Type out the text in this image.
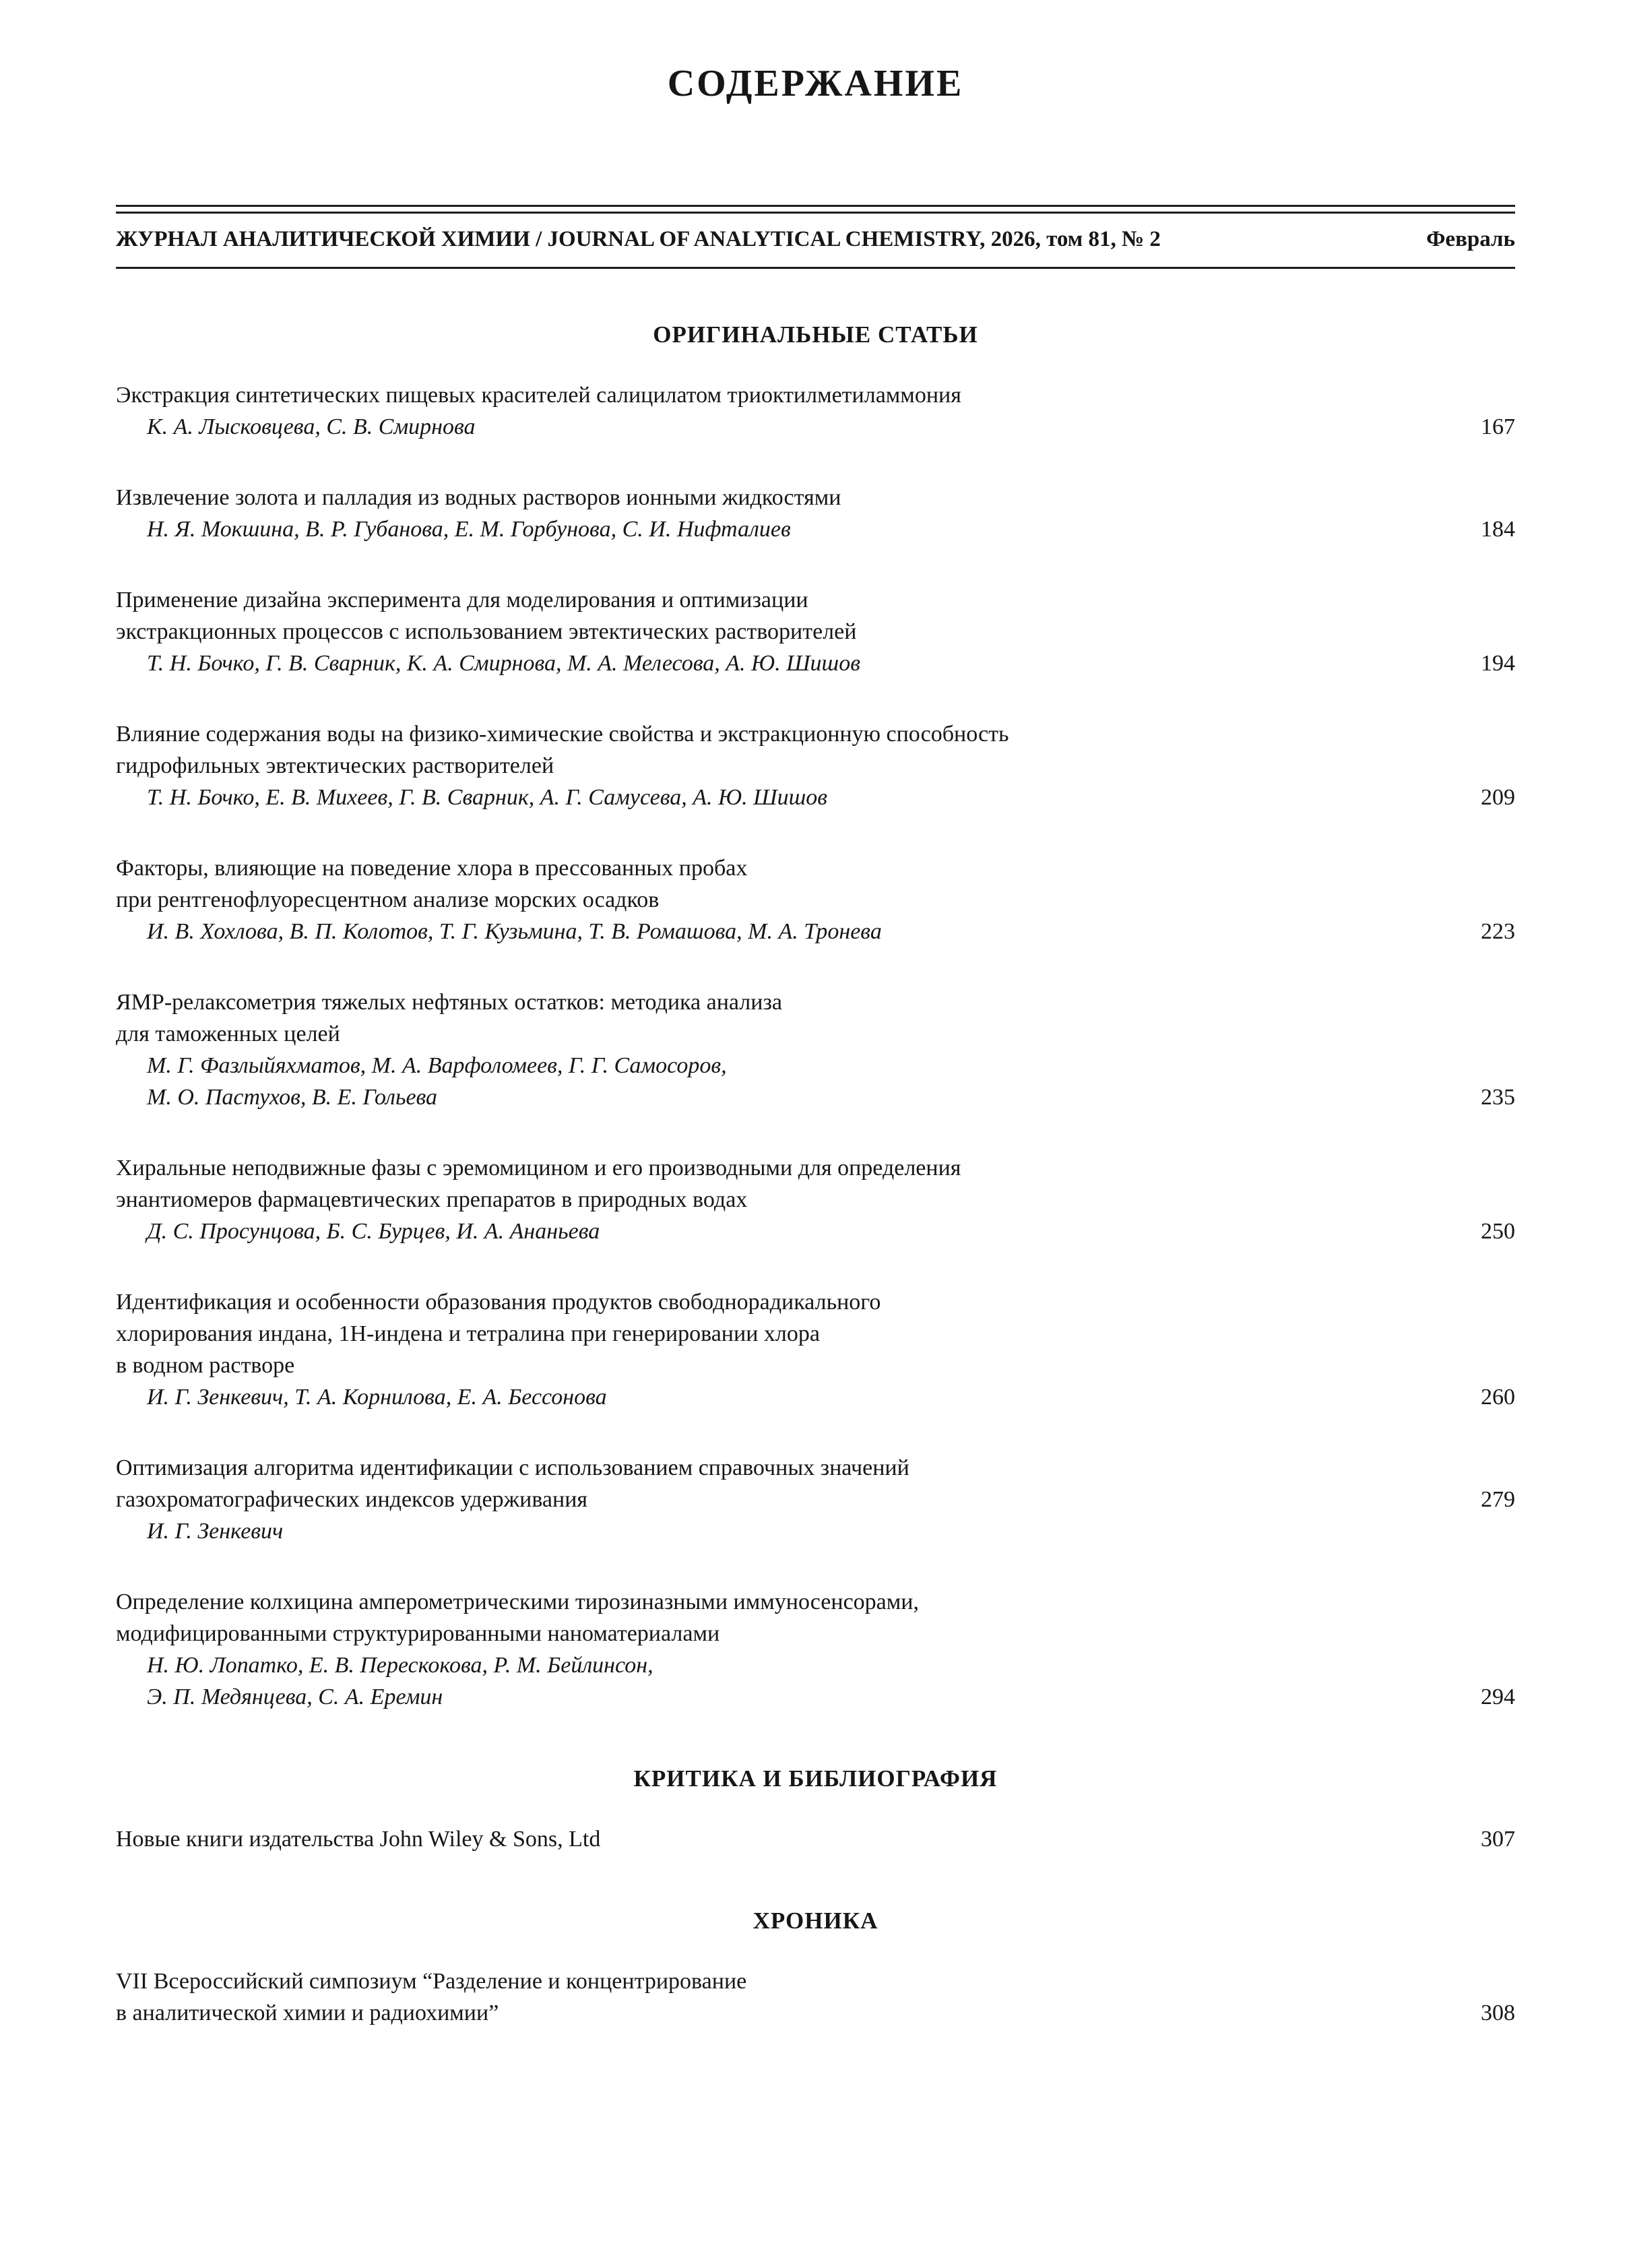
СОДЕРЖАНИЕ
ЖУРНАЛ АНАЛИТИЧЕСКОЙ ХИМИИ / JOURNAL OF ANALYTICAL CHEMISTRY, 2026, том 81, № 2	Февраль
ОРИГИНАЛЬНЫЕ СТАТЬИ
Экстракция синтетических пищевых красителей салицилатом триоктилметиламмония
К. А. Лысковцева, С. В. Смирнова	167
Извлечение золота и палладия из водных растворов ионными жидкостями
Н. Я. Мокшина, В. Р. Губанова, Е. М. Горбунова, С. И. Нифталиев	184
Применение дизайна эксперимента для моделирования и оптимизации
экстракционных процессов с использованием эвтектических растворителей
Т. Н. Бочко, Г. В. Сварник, К. А. Смирнова, М. А. Мелесова, А. Ю. Шишов	194
Влияние содержания воды на физико-химические свойства и экстракционную способность
гидрофильных эвтектических растворителей
Т. Н. Бочко, Е. В. Михеев, Г. В. Сварник, А. Г. Самусева, А. Ю. Шишов	209
Факторы, влияющие на поведение хлора в прессованных пробах
при рентгенофлуоресцентном анализе морских осадков
И. В. Хохлова, В. П. Колотов, Т. Г. Кузьмина, Т. В. Ромашова, М. А. Тронева	223
ЯМР-релаксометрия тяжелых нефтяных остатков: методика анализа
для таможенных целей
М. Г. Фазлыйяхматов, М. А. Варфоломеев, Г. Г. Самосоров,
М. О. Пастухов, В. Е. Гольева	235
Хиральные неподвижные фазы с эремомицином и его производными для определения
энантиомеров фармацевтических препаратов в природных водах
Д. С. Просунцова, Б. С. Бурцев, И. А. Ананьева	250
Идентификация и особенности образования продуктов свободнорадикального
хлорирования индана, 1Н-индена и тетралина при генерировании хлора
в водном растворе
И. Г. Зенкевич, Т. А. Корнилова, Е. А. Бессонова	260
Оптимизация алгоритма идентификации с использованием справочных значений
газохроматографических индексов удерживания	279
И. Г. Зенкевич
Определение колхицина амперометрическими тирозиназными иммуносенсорами,
модифицированными структурированными наноматериалами
Н. Ю. Лопатко, Е. В. Перескокова, Р. М. Бейлинсон,
Э. П. Медянцева, С. А. Еремин	294
КРИТИКА И БИБЛИОГРАФИЯ
Новые книги издательства John Wiley & Sons, Ltd	307
ХРОНИКА
VII Всероссийский симпозиум “Разделение и концентрирование
в аналитической химии и радиохимии”	308
